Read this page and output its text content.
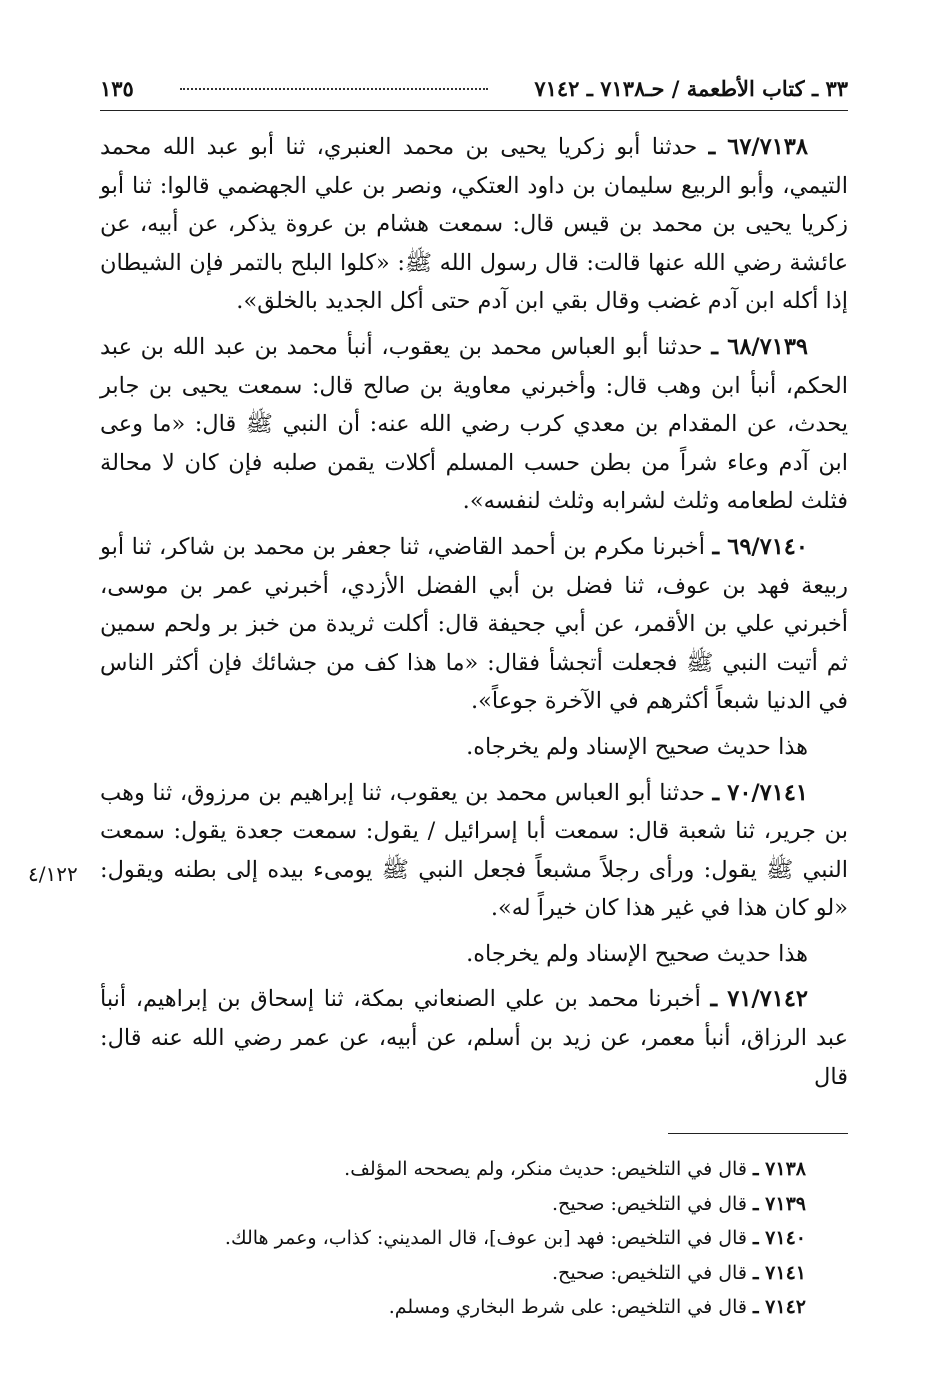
٣٣ ـ كتاب الأطعمة / حـ٧١٣٨ ـ ٧١٤٢
١٣٥

٦٧/٧١٣٨ ـ حدثنا أبو زكريا يحيى بن محمد العنبري، ثنا أبو عبد الله محمد التيمي، وأبو الربيع سليمان بن داود العتكي، ونصر بن علي الجهضمي قالوا: ثنا أبو زكريا يحيى بن محمد بن قيس قال: سمعت هشام بن عروة يذكر، عن أبيه، عن عائشة رضي الله عنها قالت: قال رسول الله ﷺ: «كلوا البلح بالتمر فإن الشيطان إذا أكله ابن آدم غضب وقال بقي ابن آدم حتى أكل الجديد بالخلق».

٦٨/٧١٣٩ ـ حدثنا أبو العباس محمد بن يعقوب، أنبأ محمد بن عبد الله بن عبد الحكم، أنبأ ابن وهب قال: وأخبرني معاوية بن صالح قال: سمعت يحيى بن جابر يحدث، عن المقدام بن معدي كرب رضي الله عنه: أن النبي ﷺ قال: «ما وعى ابن آدم وعاء شراً من بطن حسب المسلم أكلات يقمن صلبه فإن كان لا محالة فثلث لطعامه وثلث لشرابه وثلث لنفسه».

٦٩/٧١٤٠ ـ أخبرنا مكرم بن أحمد القاضي، ثنا جعفر بن محمد بن شاكر، ثنا أبو ربيعة فهد بن عوف، ثنا فضل بن أبي الفضل الأزدي، أخبرني عمر بن موسى، أخبرني علي بن الأقمر، عن أبي جحيفة قال: أكلت ثريدة من خبز بر ولحم سمين ثم أتيت النبي ﷺ فجعلت أتجشأ فقال: «ما هذا كف من جشائك فإن أكثر الناس في الدنيا شبعاً أكثرهم في الآخرة جوعاً».

هذا حديث صحيح الإسناد ولم يخرجاه.

٧٠/٧١٤١ ـ حدثنا أبو العباس محمد بن يعقوب، ثنا إبراهيم بن مرزوق، ثنا وهب بن جرير، ثنا شعبة قال: سمعت أبا إسرائيل / يقول: سمعت جعدة يقول: سمعت النبي ﷺ يقول: ورأى رجلاً مشبعاً فجعل النبي ﷺ يومىء بيده إلى بطنه ويقول: «لو كان هذا في غير هذا كان خيراً له».

هذا حديث صحيح الإسناد ولم يخرجاه.

٧١/٧١٤٢ ـ أخبرنا محمد بن علي الصنعاني بمكة، ثنا إسحاق بن إبراهيم، أنبأ عبد الرزاق، أنبأ معمر، عن زيد بن أسلم، عن أبيه، عن عمر رضي الله عنه قال: قال

٤/١٢٢
٧١٣٨ ـ قال في التلخيص: حديث منكر، ولم يصححه المؤلف.
٧١٣٩ ـ قال في التلخيص: صحيح.
٧١٤٠ ـ قال في التلخيص: فهد [بن عوف]، قال المديني: كذاب، وعمر هالك.
٧١٤١ ـ قال في التلخيص: صحيح.
٧١٤٢ ـ قال في التلخيص: على شرط البخاري ومسلم.
